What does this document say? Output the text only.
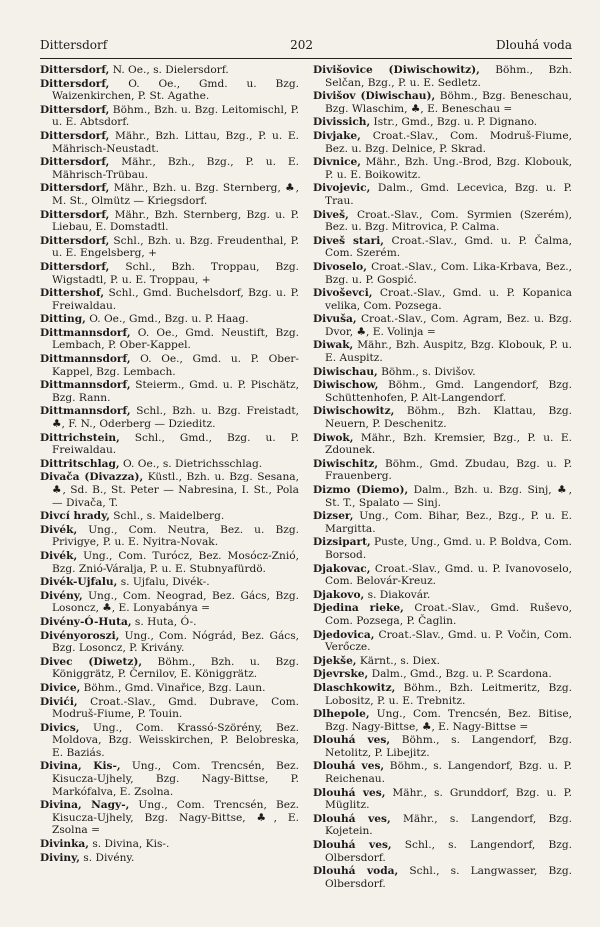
Dittersdorf	202	Dlouhá voda
Dittersdorf, N. Oe., s. Dielersdorf.
Dittersdorf, O. Oe., Gmd. u. Bzg. Waizenkirchen, P. St. Agathe.
Dittersdorf, Böhm., Bzh. u. Bzg. Leitomischl, P. u. E. Abtsdorf.
Dittersdorf, Mähr., Bzh. Littau, Bzg., P. u. E. Mährisch-Neustadt.
Dittersdorf, Mähr., Bzh., Bzg., P. u. E. Mährisch-Trübau.
Dittersdorf, Mähr., Bzh. u. Bzg. Sternberg, ♣, M. St., Olmütz — Kriegsdorf.
Dittersdorf, Mähr., Bzh. Sternberg, Bzg. u. P. Liebau, E. Domstadtl.
Dittersdorf, Schl., Bzh. u. Bzg. Freudenthal, P. u. E. Engelsberg, +
Dittersdorf, Schl., Bzh. Troppau, Bzg. Wigstadtl, P. u. E. Troppau, +
Dittershof, Schl., Gmd. Buchelsdorf, Bzg. u. P. Freiwaldau.
Ditting, O. Oe., Gmd., Bzg. u. P. Haag.
Dittmannsdorf, O. Oe., Gmd. Neustift, Bzg. Lembach, P. Ober-Kappel.
Dittmannsdorf, O. Oe., Gmd. u. P. Ober-Kappel, Bzg. Lembach.
Dittmannsdorf, Steierm., Gmd. u. P. Pischätz, Bzg. Rann.
Dittmannsdorf, Schl., Bzh. u. Bzg. Freistadt, ♣, F. N., Oderberg — Dzieditz.
Dittrichstein, Schl., Gmd., Bzg. u. P. Freiwaldau.
Dittritschlag, O. Oe., s. Dietrichsschlag.
Divača (Divazza), Küstl., Bzh. u. Bzg. Sesana, ♣, Sd. B., St. Peter — Nabresina, I. St., Pola — Divača, T.
Divcí hrady, Schl., s. Maidelberg.
Divék, Ung., Com. Neutra, Bez. u. Bzg. Privigye, P. u. E. Nyitra-Novak.
Divék, Ung., Com. Turócz, Bez. Mosócz-Znió, Bzg. Znió-Váralja, P. u. E. Stubnyafürdö.
Divék-Ujfalu, s. Ujfalu, Divék-.
Divény, Ung., Com. Neograd, Bez. Gács, Bzg. Losoncz, ♣, E. Lonyabánya =
Divény-Ó-Huta, s. Huta, Ó-.
Divényoroszi, Ung., Com. Nógrád, Bez. Gács, Bzg. Losoncz, P. Krivány.
Divec (Diwetz), Böhm., Bzh. u. Bzg. Königgrätz, P. Černilov, E. Königgrätz.
Divice, Böhm., Gmd. Vinařice, Bzg. Laun.
Divići, Croat.-Slav., Gmd. Dubrave, Com. Modruš-Fiume, P. Touin.
Divics, Ung., Com. Krassó-Szörény, Bez. Moldova, Bzg. Weisskirchen, P. Belobreska, E. Baziás.
Divina, Kis-, Ung., Com. Trencsén, Bez. Kisucza-Ujhely, Bzg. Nagy-Bittse, P. Markófalva, E. Zsolna.
Divina, Nagy-, Ung., Com. Trencsén, Bez. Kisucza-Ujhely, Bzg. Nagy-Bittse, ♣, E. Zsolna =
Divinka, s. Divina, Kis-.
Diviny, s. Divény.
Divišovice (Diwischowitz), Böhm., Bzh. Selčan, Bzg., P. u. E. Sedletz.
Divišov (Diwischau), Böhm., Bzg. Beneschau, Bzg. Wlaschim, ♣, E. Beneschau =
Divissich, Istr., Gmd., Bzg. u. P. Dignano.
Divjake, Croat.-Slav., Com. Modruš-Fiume, Bez. u. Bzg. Delnice, P. Skrad.
Divnice, Mähr., Bzh. Ung.-Brod, Bzg. Klobouk, P. u. E. Boikowitz.
Divojevic, Dalm., Gmd. Lecevica, Bzg. u. P. Trau.
Diveš, Croat.-Slav., Com. Syrmien (Szerém), Bez. u. Bzg. Mitrovica, P. Calma.
Diveš stari, Croat.-Slav., Gmd. u. P. Čalma, Com. Szerém.
Divoselo, Croat.-Slav., Com. Lika-Krbava, Bez., Bzg. u. P. Gospić.
Divoševci, Croat.-Slav., Gmd. u. P. Kopanica velika, Com. Pozsega.
Divuša, Croat.-Slav., Com. Agram, Bez. u. Bzg. Dvor, ♣, E. Volinja =
Diwak, Mähr., Bzh. Auspitz, Bzg. Klobouk, P. u. E. Auspitz.
Diwischau, Böhm., s. Divišov.
Diwischow, Böhm., Gmd. Langendorf, Bzg. Schüttenhofen, P. Alt-Langendorf.
Diwischowitz, Böhm., Bzh. Klattau, Bzg. Neuern, P. Deschenitz.
Diwok, Mähr., Bzh. Kremsier, Bzg., P. u. E. Zdounek.
Diwischitz, Böhm., Gmd. Zbudau, Bzg. u. P. Frauenberg.
Dizmo (Diemo), Dalm., Bzh. u. Bzg. Sinj, ♣, St. T., Spalato — Sinj.
Dizser, Ung., Com. Bihar, Bez., Bzg., P. u. E. Margitta.
Dizsipart, Puste, Ung., Gmd. u. P. Boldva, Com. Borsod.
Djakovac, Croat.-Slav., Gmd. u. P. Ivanovoselo, Com. Belovár-Kreuz.
Djakovo, s. Diakovár.
Djedina rieke, Croat.-Slav., Gmd. Ruševo, Com. Pozsega, P. Čaglin.
Djedovica, Croat.-Slav., Gmd. u. P. Vočin, Com. Verőcze.
Djekše, Kärnt., s. Diex.
Djevrske, Dalm., Gmd., Bzg. u. P. Scardona.
Dlaschkowitz, Böhm., Bzh. Leitmeritz, Bzg. Lobositz, P. u. E. Trebnitz.
Dlhepole, Ung., Com. Trencsén, Bez. Bitise, Bzg. Nagy-Bittse, ♣, E. Nagy-Bittse =
Dlouhá ves, Böhm., s. Langendorf, Bzg. Netolitz, P. Libejitz.
Dlouhá ves, Böhm., s. Langendorf, Bzg. u. P. Reichenau.
Dlouhá ves, Mähr., s. Grunddorf, Bzg. u. P. Müglitz.
Dlouhá ves, Mähr., s. Langendorf, Bzg. Kojetein.
Dlouhá ves, Schl., s. Langendorf, Bzg. Olbersdorf.
Dlouhá voda, Schl., s. Langwasser, Bzg. Olbersdorf.
